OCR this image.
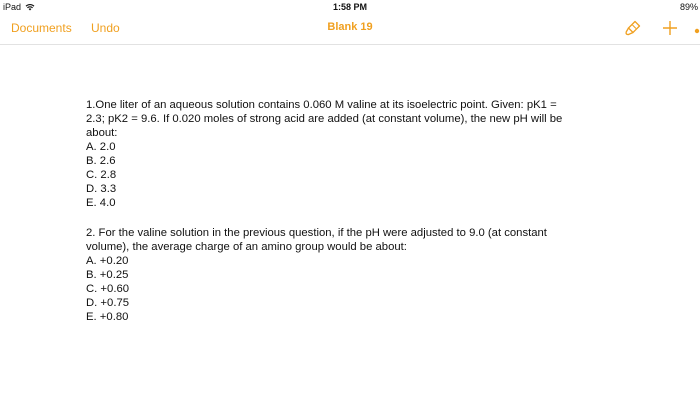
iPad	1:58 PM	89%
Documents Undo	Blank 19

1.One liter of an aqueous solution contains 0.060 M valine at its isoelectric point. Given: pK1 =

2.3; pK2 = 9.6. If 0.020 moles of strong acid are added (at constant volume), the new pH will be

about:

A. 2.0

B. 2.6

C. 2.8

D. 3.3

E. 4.0

2. For the valine solution in the previous question, if the pH were adjusted to 9.0 (at constant

volume), the average charge of an amino group would be about:

A. +0.20

B. +0.25

C. +0.60

D. +0.75

E. +0.80
